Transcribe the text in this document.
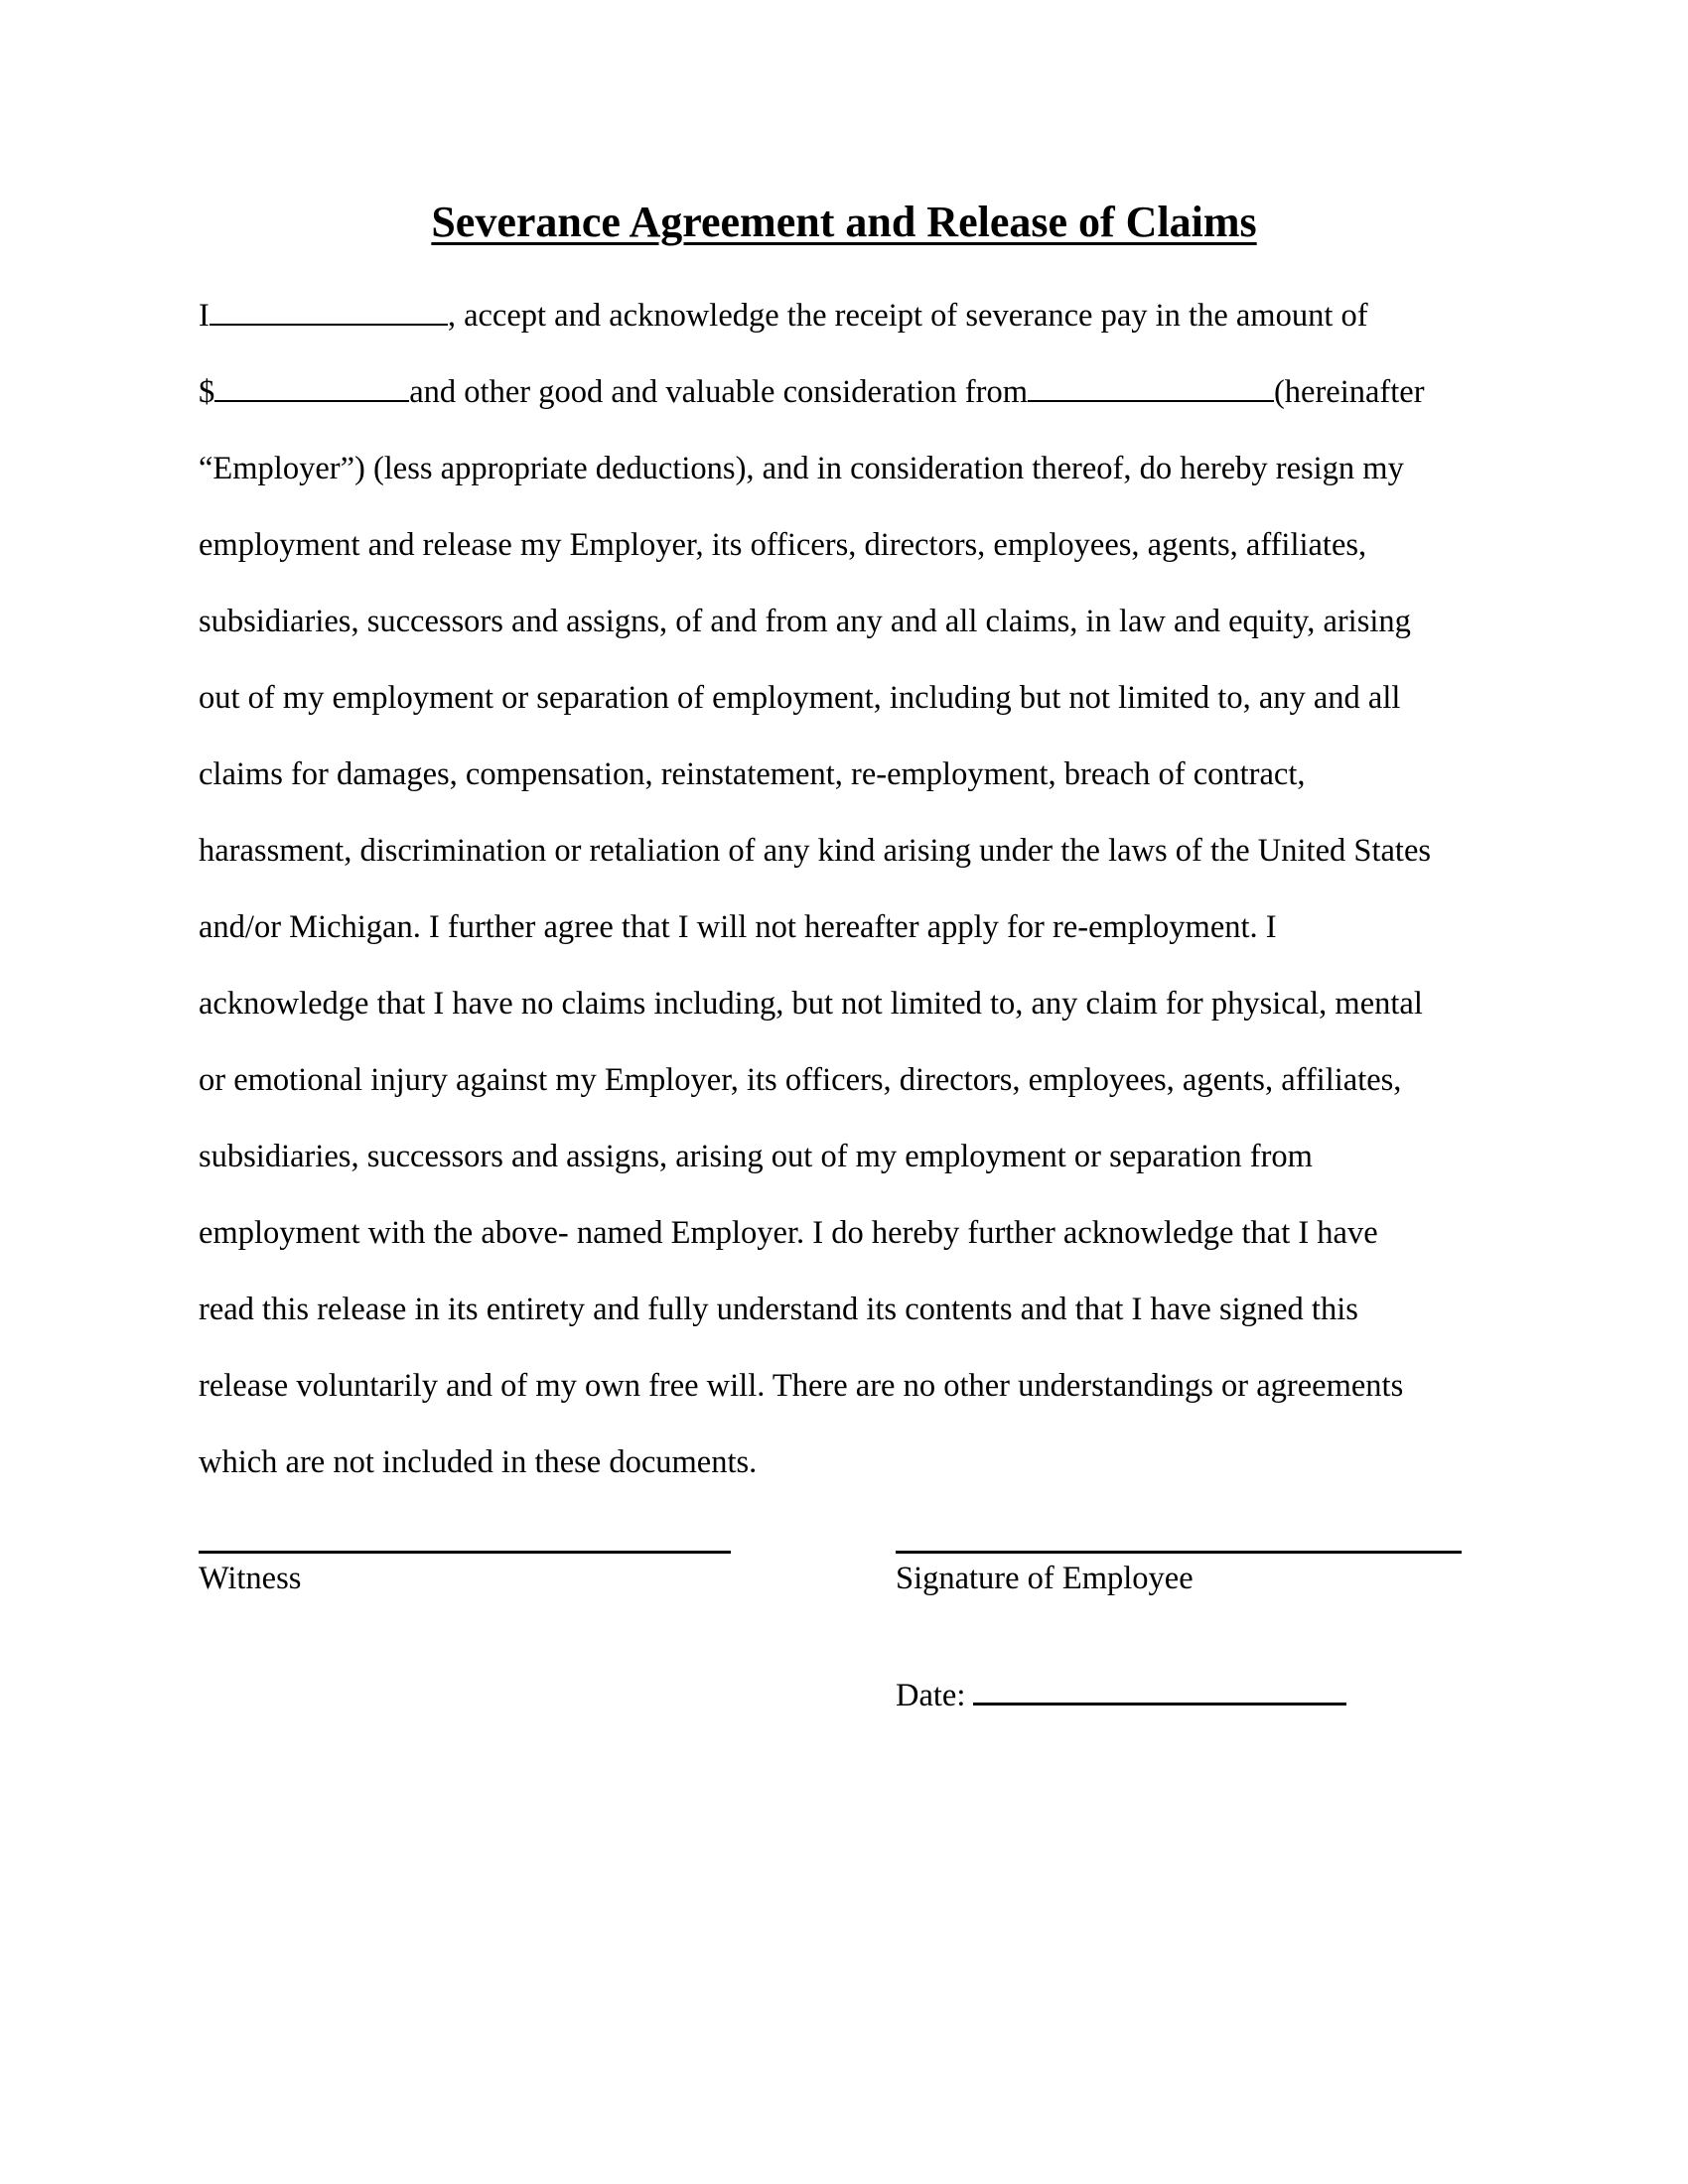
Severance Agreement and Release of Claims
I	, accept and acknowledge the receipt of severance pay in the amount of
$	and other good and valuable consideration from	(hereinafter
“Employer”) (less appropriate deductions), and in consideration thereof, do hereby resign my
employment and release my Employer, its officers, directors, employees, agents, affiliates,
subsidiaries, successors and assigns, of and from any and all claims, in law and equity, arising
out of my employment or separation of employment, including but not limited to, any and all
claims for damages, compensation, reinstatement, re-employment, breach of contract,
harassment, discrimination or retaliation of any kind arising under the laws of the United States
and/or Michigan. I further agree that I will not hereafter apply for re-employment. I
acknowledge that I have no claims including, but not limited to, any claim for physical, mental
or emotional injury against my Employer, its officers, directors, employees, agents, affiliates,
subsidiaries, successors and assigns, arising out of my employment or separation from
employment with the above- named Employer. I do hereby further acknowledge that I have
read this release in its entirety and fully understand its contents and that I have signed this
release voluntarily and of my own free will. There are no other understandings or agreements
which are not included in these documents.
Witness	Signature of Employee
Date:
